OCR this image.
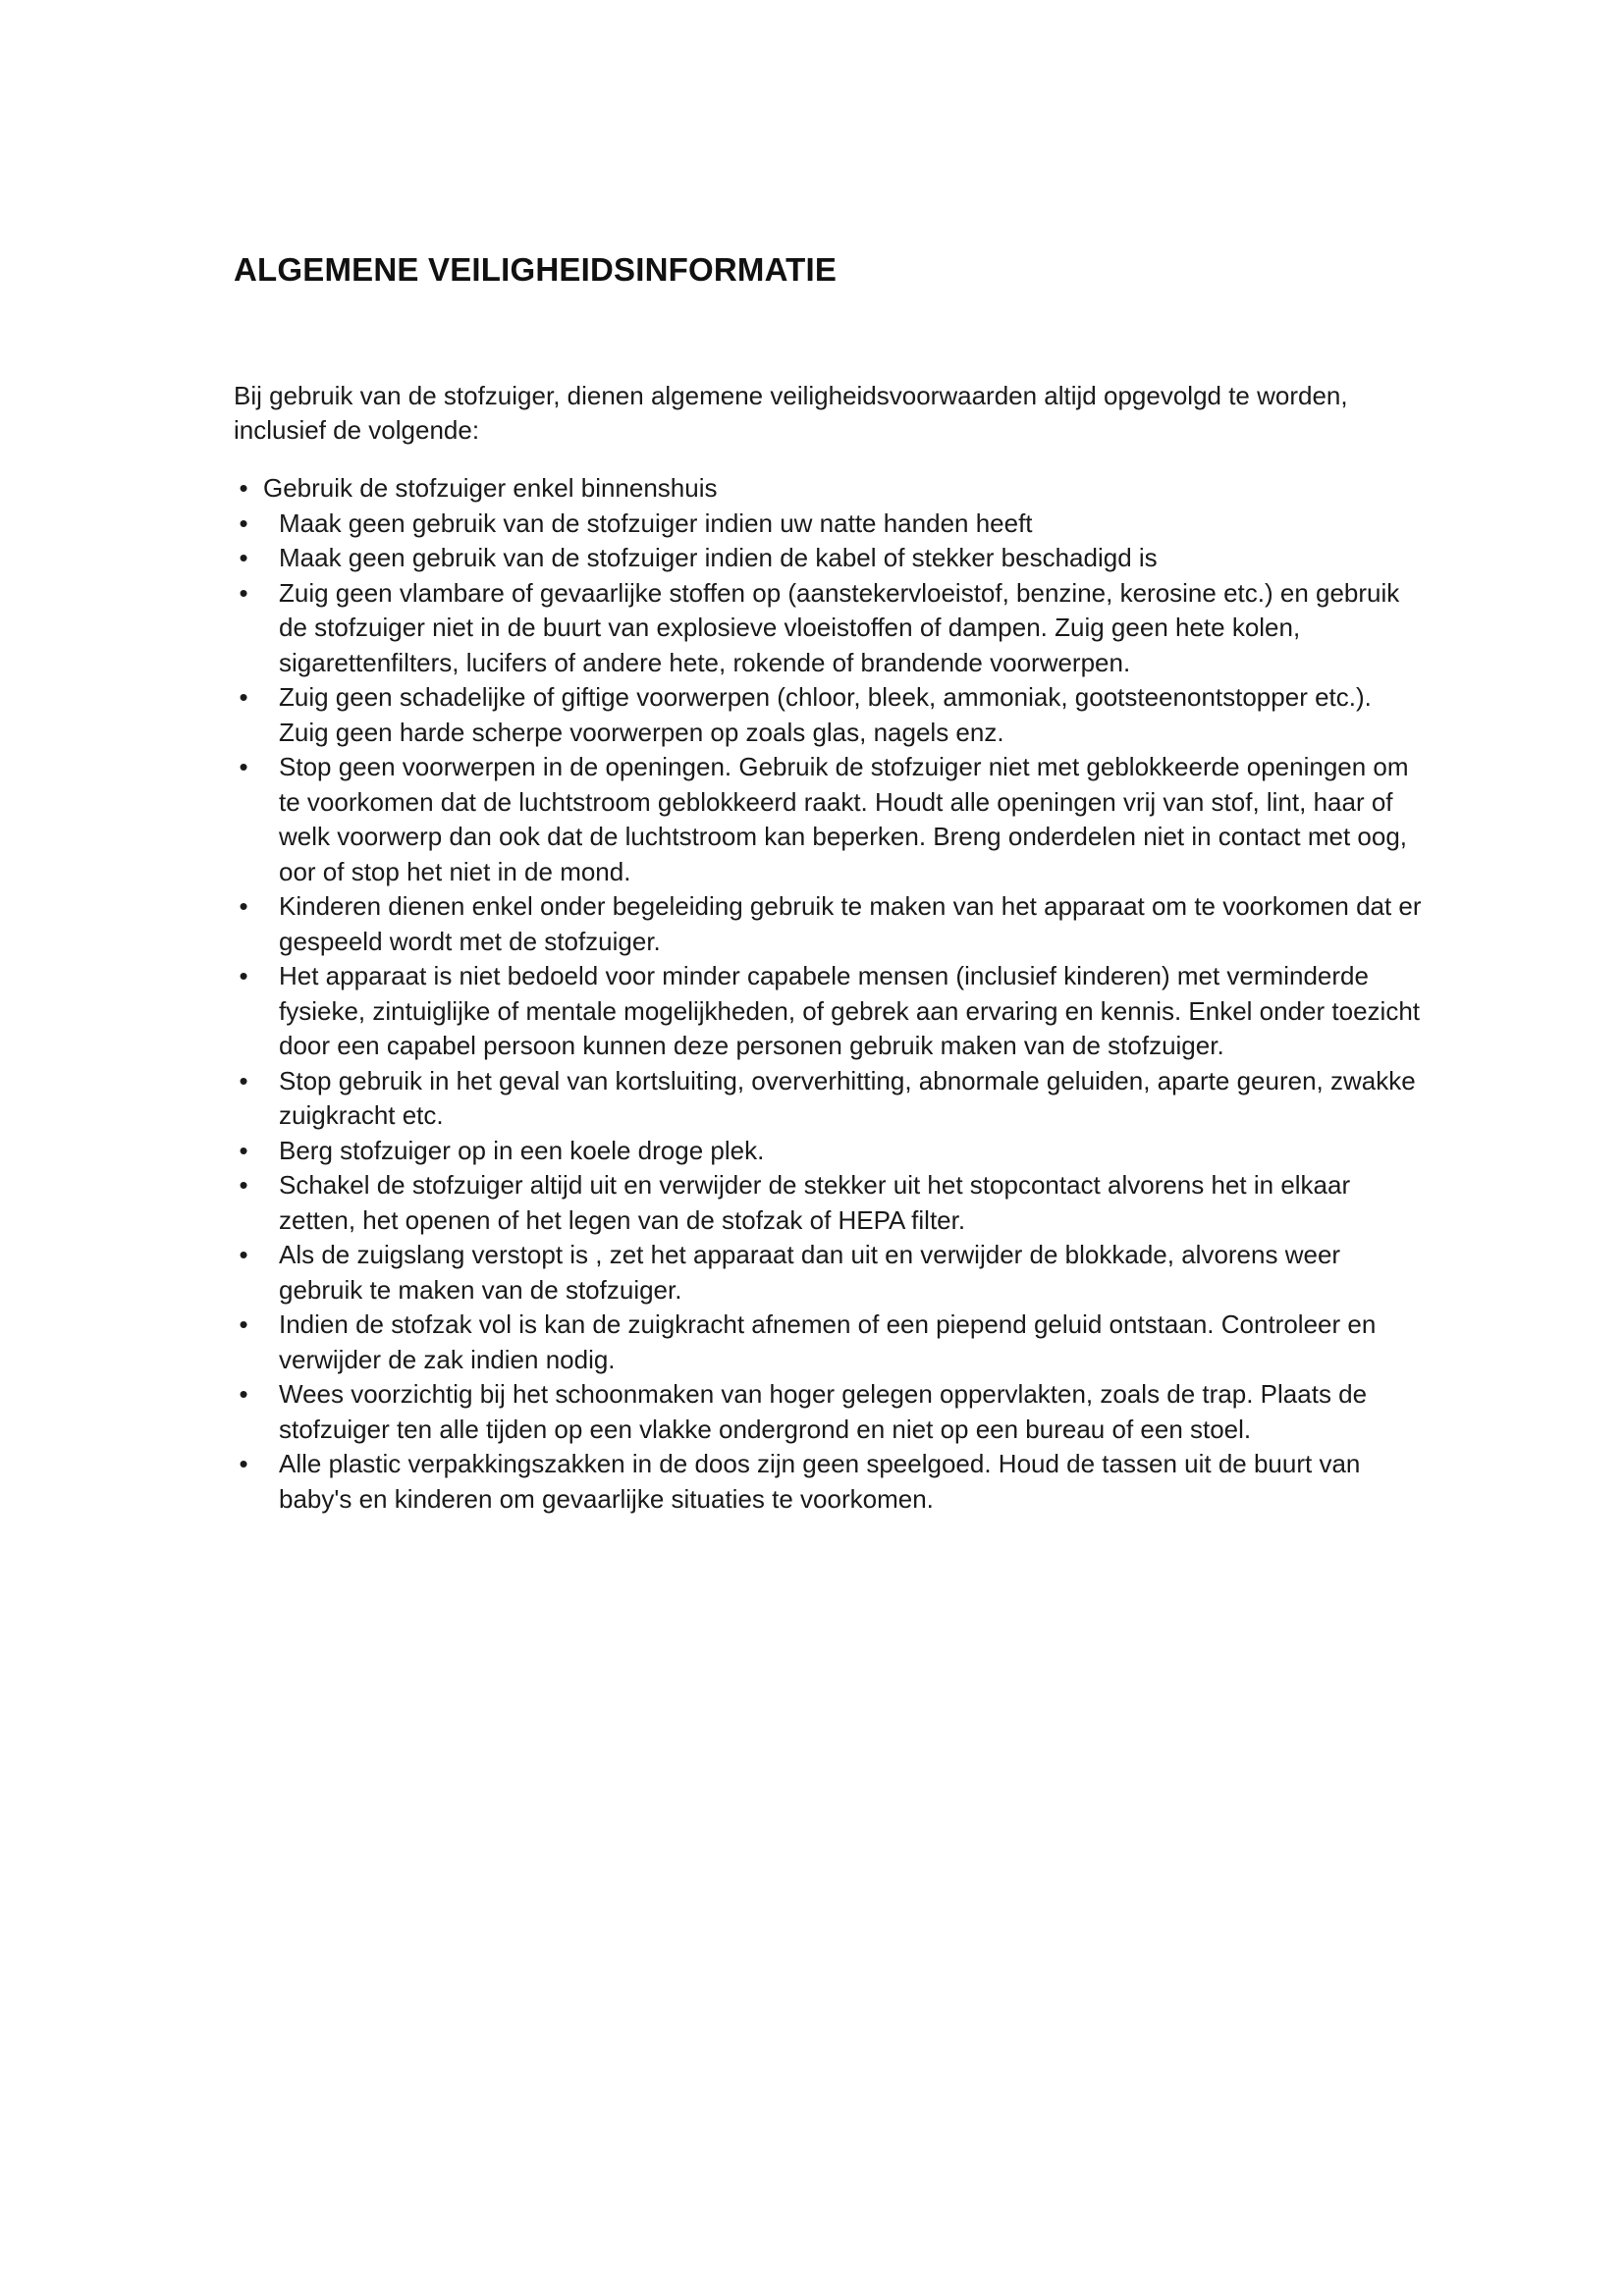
ALGEMENE VEILIGHEIDSINFORMATIE

Bij gebruik van de stofzuiger, dienen algemene veiligheidsvoorwaarden altijd opgevolgd te worden, inclusief de volgende:

• Gebruik de stofzuiger enkel binnenshuis
• Maak geen gebruik van de stofzuiger indien uw natte handen heeft
• Maak geen gebruik van de stofzuiger indien de kabel of stekker beschadigd is
• Zuig geen vlambare of gevaarlijke stoffen op (aanstekervloeistof, benzine, kerosine etc.) en gebruik de stofzuiger niet in de buurt van explosieve vloeistoffen of dampen. Zuig geen hete kolen, sigarettenfilters, lucifers of andere hete, rokende of brandende voorwerpen.
• Zuig geen schadelijke of giftige voorwerpen (chloor, bleek, ammoniak, gootsteenontstopper etc.). Zuig geen harde scherpe voorwerpen op zoals glas, nagels enz.
• Stop geen voorwerpen in de openingen. Gebruik de stofzuiger niet met geblokkeerde openingen om te voorkomen dat de luchtstroom geblokkeerd raakt. Houdt alle openingen vrij van stof, lint, haar of welk voorwerp dan ook dat de luchtstroom kan beperken. Breng onderdelen niet in contact met oog, oor of stop het niet in de mond.
• Kinderen dienen enkel onder begeleiding gebruik te maken van het apparaat om te voorkomen dat er gespeeld wordt met de stofzuiger.
• Het apparaat is niet bedoeld voor minder capabele mensen (inclusief kinderen) met verminderde fysieke, zintuiglijke of mentale mogelijkheden, of gebrek aan ervaring en kennis. Enkel onder toezicht door een capabel persoon kunnen deze personen gebruik maken van de stofzuiger.
• Stop gebruik in het geval van kortsluiting, oververhitting, abnormale geluiden, aparte geuren, zwakke zuigkracht etc.
• Berg stofzuiger op in een koele droge plek.
• Schakel de stofzuiger altijd uit en verwijder de stekker uit het stopcontact alvorens het in elkaar zetten, het openen of het legen van de stofzak of HEPA filter.
• Als de zuigslang verstopt is , zet het apparaat dan uit en verwijder de blokkade, alvorens weer gebruik te maken van de stofzuiger.
• Indien de stofzak vol is kan de zuigkracht afnemen of een piepend geluid ontstaan. Controleer en verwijder de zak indien nodig.
• Wees voorzichtig bij het schoonmaken van hoger gelegen oppervlakten, zoals de trap. Plaats de stofzuiger ten alle tijden op een vlakke ondergrond en niet op een bureau of een stoel.
• Alle plastic verpakkingszakken in de doos zijn geen speelgoed. Houd de tassen uit de buurt van baby's en kinderen om gevaarlijke situaties te voorkomen.
